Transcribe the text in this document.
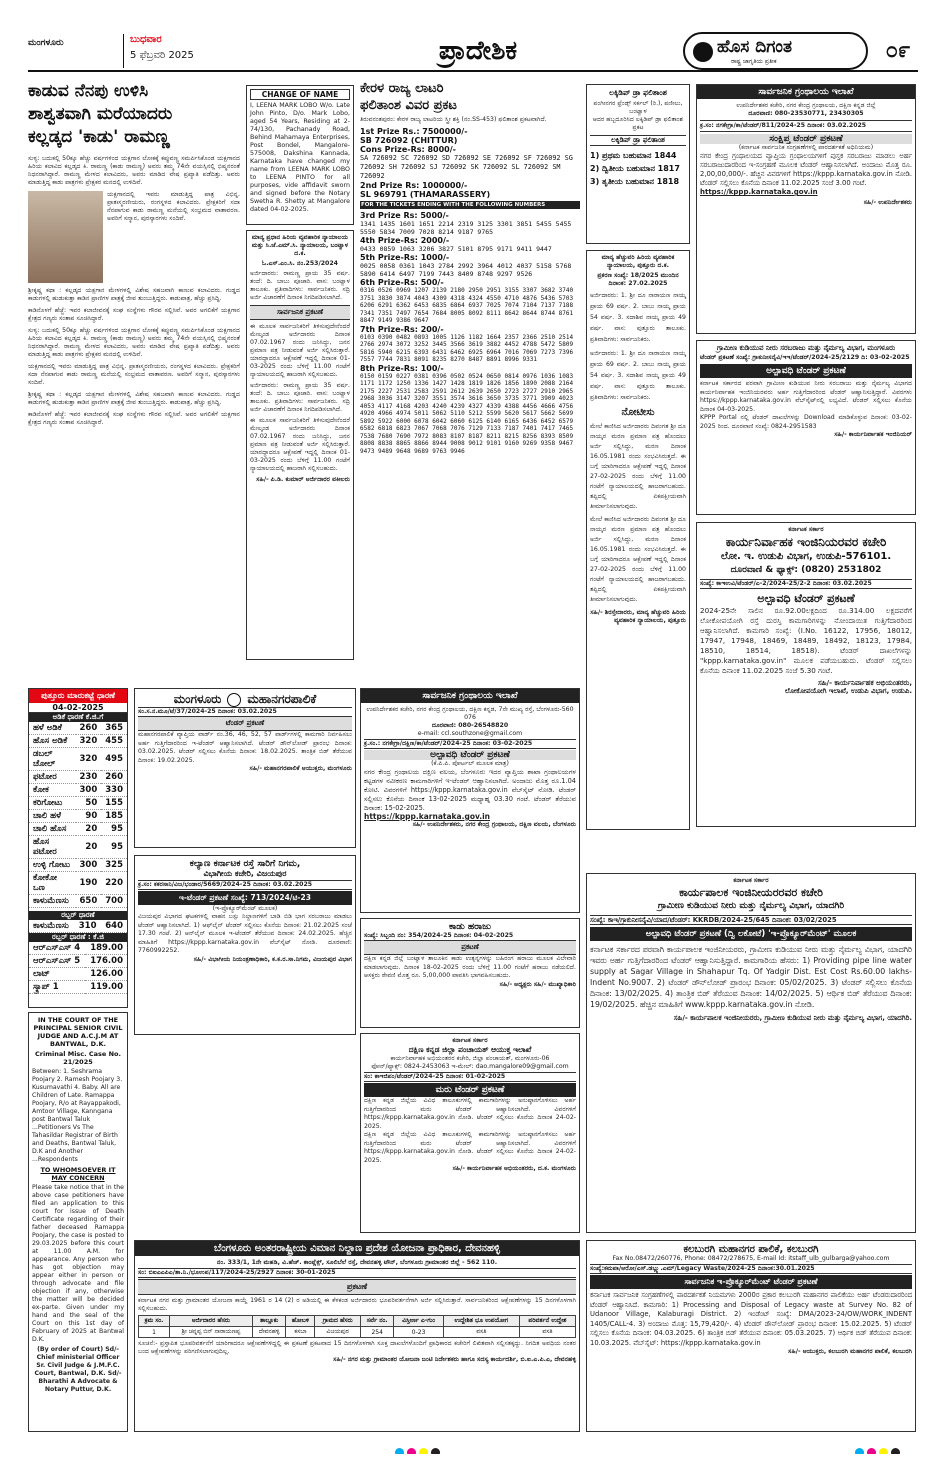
ಮಂಗಳೂರು	ಬುಧವಾರ
5 ಫೆಬ್ರವರಿ 2025	ಪ್ರಾದೇಶಿಕ	ಹೊಸ ದಿಗಂತ
ರಾಷ್ಟ್ರ ಜಾಗೃತಿಯ ಪ್ರತೀಕ	೦೯
ಕಾಡುವ ನೆನಪು ಉಳಿಸಿ
ಶಾಶ್ವತವಾಗಿ ಮರೆಯಾದರು
ಕಲ್ಲಡ್ಕದ 'ಕಾಡು' ರಾಮಣ್ಣ
ಸುಳ್ಯ: ಬದುಕಲ್ಲಿ 50ಕ್ಕೂ ಹೆಚ್ಚು ವರ್ಷಗಳಿಂದ ಯಕ್ಷಗಾನ ಲೋಕಕ್ಕೆ ಕಪ್ಪುವಣ್ಣ ಸಮರ್ಪಿಸಿಕೊಂಡ ಯಕ್ಷಗಾನದ ಹಿರಿಯ ಕಲಾವಿದ ಕಲ್ಲಡ್ಕದ ಕಿ. ರಾಮಣ್ಣ (ಕಾಡು ರಾಮಣ್ಣ) ಅವರು ತಮ್ಮ 74ನೇ ವಯಸ್ಸಿನಲ್ಲಿ ಭಿಷ್ಮನರಂತೆ ನಿಧನರಾಗಿದ್ದಾರೆ. ರಾಮಣ್ಣ ಮೇಳದ ಕಲಾವಿದರು, ಅವರು ಮಾಡಿದ ವೇಷ ಪ್ರಖ್ಯಾತಿ ಪಡೆದಿತ್ತು. ಅವರು ಮಾಡುತ್ತಿದ್ದ ಕಾಡು ಪಾತ್ರಗಳು ಪ್ರೇಕ್ಷಕರ ಮನದಲ್ಲಿ ಉಳಿದಿವೆ.
ಯಕ್ಷಗಾನದಲ್ಲಿ ಇವರು ಮಾಡುತ್ತಿದ್ದ ಪಾತ್ರ ವಿಭಿನ್ನ. ಪ್ರಾತಃಸ್ಮರಣೀಯರು, ರಂಗಸ್ಥಳದ ಕಲಾವಿದರು. ಪ್ರೇಕ್ಷಕರಿಗೆ ಸದಾ ನೆನಪಾಗುವ ಕಾಡು ರಾಮಣ್ಣ ಮನೆಯಲ್ಲಿ ಸಂಭ್ರಮದ ವಾತಾವರಣ. ಅವರಿಗೆ ಸನ್ಮಾನ, ಪುರಸ್ಕಾರಗಳು ಸಂದಿವೆ.
ಶ್ರೀಕೃಷ್ಣ ಕಥಾ : ಕಲ್ಲಡ್ಕದ ಯಕ್ಷಗಾನ ಮೇಳಗಳಲ್ಲಿ ವಿಶೇಷ ಸಹಜವಾಗಿ ಕಾಣುವ ಕಲಾವಿದರು. ಗುಡ್ಡದ ಕಾಡುಗಳಲ್ಲಿ ಹುಡುಕುತ್ತಾ ಕಾಡಿನ ಪ್ರಾಣಿಗಳ ಪಾತ್ರಕ್ಕೆ ಜೀವ ತುಂಬುತ್ತಿದ್ದರು. ಕಾಡುಪಾತ್ರ, ಹೆಚ್ಚು ಪ್ರಸಿದ್ಧಿ.
ಕಾಡಿನೊಳಗೆ ಹೆಜ್ಜೆ: ಇವರ ಕಲಾಜೀವನಕ್ಕೆ ಸಂಘ ಸಂಸ್ಥೆಗಳು ಗೌರವ ಸಲ್ಲಿಸಿವೆ. ಅವರ ಅಗಲಿಕೆಗೆ ಯಕ್ಷಗಾನ ಕ್ಷೇತ್ರದ ಗಣ್ಯರು ಸಂತಾಪ ಸೂಚಿಸಿದ್ದಾರೆ.
ಸುಳ್ಯ: ಬದುಕಲ್ಲಿ 50ಕ್ಕೂ ಹೆಚ್ಚು ವರ್ಷಗಳಿಂದ ಯಕ್ಷಗಾನ ಲೋಕಕ್ಕೆ ಕಪ್ಪುವಣ್ಣ ಸಮರ್ಪಿಸಿಕೊಂಡ ಯಕ್ಷಗಾನದ ಹಿರಿಯ ಕಲಾವಿದ ಕಲ್ಲಡ್ಕದ ಕಿ. ರಾಮಣ್ಣ (ಕಾಡು ರಾಮಣ್ಣ) ಅವರು ತಮ್ಮ 74ನೇ ವಯಸ್ಸಿನಲ್ಲಿ ಭಿಷ್ಮನರಂತೆ ನಿಧನರಾಗಿದ್ದಾರೆ. ರಾಮಣ್ಣ ಮೇಳದ ಕಲಾವಿದರು, ಅವರು ಮಾಡಿದ ವೇಷ ಪ್ರಖ್ಯಾತಿ ಪಡೆದಿತ್ತು. ಅವರು ಮಾಡುತ್ತಿದ್ದ ಕಾಡು ಪಾತ್ರಗಳು ಪ್ರೇಕ್ಷಕರ ಮನದಲ್ಲಿ ಉಳಿದಿವೆ.
ಯಕ್ಷಗಾನದಲ್ಲಿ ಇವರು ಮಾಡುತ್ತಿದ್ದ ಪಾತ್ರ ವಿಭಿನ್ನ. ಪ್ರಾತಃಸ್ಮರಣೀಯರು, ರಂಗಸ್ಥಳದ ಕಲಾವಿದರು. ಪ್ರೇಕ್ಷಕರಿಗೆ ಸದಾ ನೆನಪಾಗುವ ಕಾಡು ರಾಮಣ್ಣ ಮನೆಯಲ್ಲಿ ಸಂಭ್ರಮದ ವಾತಾವರಣ. ಅವರಿಗೆ ಸನ್ಮಾನ, ಪುರಸ್ಕಾರಗಳು ಸಂದಿವೆ.
ಶ್ರೀಕೃಷ್ಣ ಕಥಾ : ಕಲ್ಲಡ್ಕದ ಯಕ್ಷಗಾನ ಮೇಳಗಳಲ್ಲಿ ವಿಶೇಷ ಸಹಜವಾಗಿ ಕಾಣುವ ಕಲಾವಿದರು. ಗುಡ್ಡದ ಕಾಡುಗಳಲ್ಲಿ ಹುಡುಕುತ್ತಾ ಕಾಡಿನ ಪ್ರಾಣಿಗಳ ಪಾತ್ರಕ್ಕೆ ಜೀವ ತುಂಬುತ್ತಿದ್ದರು. ಕಾಡುಪಾತ್ರ, ಹೆಚ್ಚು ಪ್ರಸಿದ್ಧಿ.
ಕಾಡಿನೊಳಗೆ ಹೆಜ್ಜೆ: ಇವರ ಕಲಾಜೀವನಕ್ಕೆ ಸಂಘ ಸಂಸ್ಥೆಗಳು ಗೌರವ ಸಲ್ಲಿಸಿವೆ. ಅವರ ಅಗಲಿಕೆಗೆ ಯಕ್ಷಗಾನ ಕ್ಷೇತ್ರದ ಗಣ್ಯರು ಸಂತಾಪ ಸೂಚಿಸಿದ್ದಾರೆ.
CHANGE OF NAME
I, LEENA MARK LOBO W/o. Late John Pinto, D/o. Mark Lobo, aged 54 Years, Residing at 2-74/130, Pachanady Road, Behind Mahamaya Enterprises, Post Bondel, Mangalore-575008, Dakshina Kannada, Karnataka have changed my name from LEENA MARK LOBO to LEENA PINTO for all purposes, vide affidavit sworn and signed before the Notary Swetha R. Shetty at Mangalore dated 04-02-2025.
ಮಾನ್ಯ ಪ್ರಧಾನ ಹಿರಿಯ ವ್ಯವಹಾರಿಕ ನ್ಯಾಯಾಲಯ ಮತ್ತು ಸಿ.ಜೆ.ಎಮ್.ಸಿ. ನ್ಯಾಯಾಲಯ, ಬಂಟ್ವಾಳ ದ.ಕ.
ಓ.ಎಸ್.ಎಂ.ಸಿ. ನಂ.253/2024
ಅರ್ಜಿದಾರರು: ರಾಮಣ್ಣ ಪ್ರಾಯ 35 ವರ್ಷ. ತಂದೆ: ದಿ. ಬಾಬು ಪೂಜಾರಿ. ವಾಸ: ಬಂಟ್ವಾಳ ತಾಲೂಕು. ಪ್ರತಿವಾದಿಗಳು: ಸಾರ್ವಜನಿಕರು. ಸದ್ರಿ ಅರ್ಜಿ ವಿಚಾರಣೆಗೆ ದಿನಾಂಕ ನಿಗದಿಪಡಿಸಲಾಗಿದೆ.
ಸಾರ್ವಜನಿಕ ಪ್ರಕಟಣೆ
ಈ ಮೂಲಕ ಸಾರ್ವಜನಿಕರಿಗೆ ತಿಳಿಸುವುದೇನೆಂದರೆ ಮೇಲ್ಕಂಡ ಅರ್ಜಿದಾರರು ದಿನಾಂಕ 07.02.1967 ರಂದು ಜನಿಸಿದ್ದು, ಜನನ ಪ್ರಮಾಣ ಪತ್ರ ನೀಡುವಂತೆ ಅರ್ಜಿ ಸಲ್ಲಿಸಿರುತ್ತಾರೆ. ಯಾರದ್ದಾದರೂ ಆಕ್ಷೇಪಣೆ ಇದ್ದಲ್ಲಿ ದಿನಾಂಕ 01-03-2025 ರಂದು ಬೆಳಿಗ್ಗೆ 11.00 ಗಂಟೆಗೆ ನ್ಯಾಯಾಲಯದಲ್ಲಿ ಹಾಜರಾಗಿ ಸಲ್ಲಿಸಬಹುದು.
ಅರ್ಜಿದಾರರು: ರಾಮಣ್ಣ ಪ್ರಾಯ 35 ವರ್ಷ. ತಂದೆ: ದಿ. ಬಾಬು ಪೂಜಾರಿ. ವಾಸ: ಬಂಟ್ವಾಳ ತಾಲೂಕು. ಪ್ರತಿವಾದಿಗಳು: ಸಾರ್ವಜನಿಕರು. ಸದ್ರಿ ಅರ್ಜಿ ವಿಚಾರಣೆಗೆ ದಿನಾಂಕ ನಿಗದಿಪಡಿಸಲಾಗಿದೆ.
ಈ ಮೂಲಕ ಸಾರ್ವಜನಿಕರಿಗೆ ತಿಳಿಸುವುದೇನೆಂದರೆ ಮೇಲ್ಕಂಡ ಅರ್ಜಿದಾರರು ದಿನಾಂಕ 07.02.1967 ರಂದು ಜನಿಸಿದ್ದು, ಜನನ ಪ್ರಮಾಣ ಪತ್ರ ನೀಡುವಂತೆ ಅರ್ಜಿ ಸಲ್ಲಿಸಿರುತ್ತಾರೆ. ಯಾರದ್ದಾದರೂ ಆಕ್ಷೇಪಣೆ ಇದ್ದಲ್ಲಿ ದಿನಾಂಕ 01-03-2025 ರಂದು ಬೆಳಿಗ್ಗೆ 11.00 ಗಂಟೆಗೆ ನ್ಯಾಯಾಲಯದಲ್ಲಿ ಹಾಜರಾಗಿ ಸಲ್ಲಿಸಬಹುದು.
ಸಹಿ/- ಪಿ.ಡಿ. ಕುಮಾರ್ ಅರ್ಜಿದಾರರ ವಕೀಲರು
ಕೇರಳ ರಾಜ್ಯ ಲಾಟರಿ
ಫಲಿತಾಂಶ ವಿವರ ಪ್ರಕಟ
ತಿರುವನಂತಪುರಂ: ಕೇರಳ ರಾಜ್ಯ ಲಾಟರಿಯ ಸ್ತ್ರೀ ಶಕ್ತಿ (ನಂ.SS-453) ಫಲಿತಾಂಶ ಪ್ರಕಟವಾಗಿದೆ.
1st Prize Rs.: 7500000/-
SB 726092 (CHITTUR)
Cons Prize-Rs: 8000/-
SA 726092 SC 726092 SD 726092 SE 726092 SF 726092 SG 726092 SH 726092 SJ 726092 SK 726092 SL 726092 SM 726092
2nd Prize Rs: 1000000/-
SL 969791 (THAMARASSERY)
FOR THE TICKETS ENDING WITH THE FOLLOWING NUMBERS
3rd Prize Rs: 5000/-
1341 1435 1601 1651 2214 2319 3125 3301 3851 5455 5455 5550 5834 7009 7028 8214 9187 9765
4th Prize-Rs: 2000/-
0433 0859 1063 3206 3827 5101 8795 9171 9411 9447
5th Prize-Rs: 1000/-
0025 0058 0361 1043 2784 2992 3964 4012 4037 5158 5768 5890 6414 6497 7199 7443 8409 8748 9297 9526
6th Prize-Rs: 500/-
0316 0526 0969 1207 2139 2180 2950 2951 3155 3307 3682 3740 3751 3830 3874 4043 4309 4318 4324 4550 4710 4876 5436 5703 6206 6291 6362 6453 6835 6864 6937 7025 7074 7104 7137 7188 7341 7351 7497 7654 7684 8005 8092 8111 8642 8644 8744 8761 8847 9149 9386 9647
7th Prize-Rs: 200/-
0103 0390 0482 0893 1005 1126 1182 1664 2357 2366 2510 2514 2766 2974 3072 3252 3445 3566 3619 3882 4452 4788 5472 5809 5816 5940 6215 6393 6431 6462 6925 6964 7016 7069 7273 7396 7557 7744 7831 8091 8235 8270 8487 8891 8996 9331
8th Prize-Rs: 100/-
0150 0159 0227 0381 0396 0502 0524 0650 0814 0976 1036 1083 1171 1172 1250 1336 1427 1428 1819 1826 1856 1890 2088 2164 2175 2227 2531 2583 2591 2612 2639 2650 2723 2727 2910 2965 2968 3036 3147 3207 3551 3574 3616 3650 3735 3771 3909 4023 4053 4117 4168 4203 4240 4239 4327 4339 4388 4456 4666 4756 4920 4966 4974 5011 5062 5110 5212 5599 5620 5617 5662 5699 5892 5922 6000 6078 6042 6060 6125 6140 6165 6436 6452 6579 6582 6818 6823 7067 7068 7076 7129 7133 7187 7401 7417 7465 7538 7680 7690 7972 8083 8107 8187 8211 8215 8256 8393 8509 8808 8838 8865 8866 8944 9008 9012 9101 9160 9269 9358 9467 9473 9489 9648 9689 9763 9946
ಲಕ್ಕಿಡಿಪ್ ಡ್ರಾ ಫಲಿತಾಂಶ
ಪಂಗೀನಗರ ಫ್ರೆಂಡ್ಸ್ ಸರ್ಕಲ್ (ರಿ.), ಪಣೀಲು, ಬಂಟ್ವಾಳ
ಆದರ ಹಬ್ಬದೂರಿಸಿದ ಲಕ್ಕಿಡಿಪ್ ಡ್ರಾ ಫಲಿತಾಂಶ ಪ್ರಕಟ
ಲಕ್ಕಿಡಿಪ್ ಡ್ರಾ ಫಲಿತಾಂಶ
1) ಪ್ರಥಮ ಬಹುಮಾನ 1844
2) ದ್ವಿತೀಯ ಬಹುಮಾನ 1817
3) ತೃತೀಯ ಬಹುಮಾನ 1818
ಮಾನ್ಯ ಹೆಚ್ಚುವರಿ ಹಿರಿಯ ವ್ಯವಹಾರಿಕ ನ್ಯಾಯಾಲಯ, ಪುತ್ತೂರು ದ.ಕ.
ಪ್ರಕರಣ ಸಂಖ್ಯೆ: 18/2025 ಮುಂದಿನ ದಿನಾಂಕ: 27.02.2025
ಅರ್ಜಿದಾರರು: 1. ಶ್ರೀ ದೂ ನಾರಾಯಣ ನಾಯ್ಕ ಪ್ರಾಯ 69 ವರ್ಷ. 2. ಬಾಬು ನಾಯ್ಕ ಪ್ರಾಯ 54 ವರ್ಷ. 3. ಸದಾಶಿವ ನಾಯ್ಕ ಪ್ರಾಯ 49 ವರ್ಷ. ವಾಸ: ಪುತ್ತೂರು ತಾಲೂಕು. ಪ್ರತಿವಾದಿಗಳು: ಸಾರ್ವಜನಿಕರು.
ಅರ್ಜಿದಾರರು: 1. ಶ್ರೀ ದೂ ನಾರಾಯಣ ನಾಯ್ಕ ಪ್ರಾಯ 69 ವರ್ಷ. 2. ಬಾಬು ನಾಯ್ಕ ಪ್ರಾಯ 54 ವರ್ಷ. 3. ಸದಾಶಿವ ನಾಯ್ಕ ಪ್ರಾಯ 49 ವರ್ಷ. ವಾಸ: ಪುತ್ತೂರು ತಾಲೂಕು. ಪ್ರತಿವಾದಿಗಳು: ಸಾರ್ವಜನಿಕರು.
ನೋಟೀಸು
ಮೇಲೆ ಕಾಣಿಸಿದ ಅರ್ಜಿದಾರರು ದಿವಂಗತ ಶ್ರೀ ದೂ ನಾಯ್ಕರ ಮರಣ ಪ್ರಮಾಣ ಪತ್ರ ಹೊಂದಲು ಅರ್ಜಿ ಸಲ್ಲಿಸಿದ್ದು, ಮರಣ ದಿನಾಂಕ 16.05.1981 ರಂದು ಸಂಭವಿಸಿರುತ್ತದೆ. ಈ ಬಗ್ಗೆ ಯಾರಿಗಾದರೂ ಆಕ್ಷೇಪಣೆ ಇದ್ದಲ್ಲಿ ದಿನಾಂಕ 27-02-2025 ರಂದು ಬೆಳಿಗ್ಗೆ 11.00 ಗಂಟೆಗೆ ನ್ಯಾಯಾಲಯದಲ್ಲಿ ಹಾಜರಾಗಬಹುದು. ತಪ್ಪಿದಲ್ಲಿ ಏಕಪಕ್ಷೀಯವಾಗಿ ತೀರ್ಮಾನಿಸಲಾಗುವುದು.
ಮೇಲೆ ಕಾಣಿಸಿದ ಅರ್ಜಿದಾರರು ದಿವಂಗತ ಶ್ರೀ ದೂ ನಾಯ್ಕರ ಮರಣ ಪ್ರಮಾಣ ಪತ್ರ ಹೊಂದಲು ಅರ್ಜಿ ಸಲ್ಲಿಸಿದ್ದು, ಮರಣ ದಿನಾಂಕ 16.05.1981 ರಂದು ಸಂಭವಿಸಿರುತ್ತದೆ. ಈ ಬಗ್ಗೆ ಯಾರಿಗಾದರೂ ಆಕ್ಷೇಪಣೆ ಇದ್ದಲ್ಲಿ ದಿನಾಂಕ 27-02-2025 ರಂದು ಬೆಳಿಗ್ಗೆ 11.00 ಗಂಟೆಗೆ ನ್ಯಾಯಾಲಯದಲ್ಲಿ ಹಾಜರಾಗಬಹುದು. ತಪ್ಪಿದಲ್ಲಿ ಏಕಪಕ್ಷೀಯವಾಗಿ ತೀರ್ಮಾನಿಸಲಾಗುವುದು.
ಸಹಿ/- ಶಿರಸ್ತೇದಾರರು, ಮಾನ್ಯ ಹೆಚ್ಚುವರಿ ಹಿರಿಯ ವ್ಯವಹಾರಿಕ ನ್ಯಾಯಾಲಯ, ಪುತ್ತೂರು
ಸಾರ್ವಜನಿಕ ಗ್ರಂಥಾಲಯ ಇಲಾಖೆ
ಉಪನಿರ್ದೇಶಕರ ಕಚೇರಿ, ನಗರ ಕೇಂದ್ರ ಗ್ರಂಥಾಲಯ, ದಕ್ಷಿಣ ಕನ್ನಡ ಜಿಲ್ಲೆ
ದೂರವಾಣಿ: 080-23530771, 23430305
ಕ್ರ.ಸಂ: ನಗಕೇಗ್ರಾ/ಕಾ/ಟೆಂಡರ್/811/2024-25 ದಿನಾಂಕ: 03.02.2025
ಸಂಕ್ಷಿಪ್ತ ಟೆಂಡರ್ ಪ್ರಕಟಣೆ
(ಕರ್ನಾಟಕ ಸಾರ್ವಜನಿಕ ಸಂಗ್ರಹಣೆಗಳಲ್ಲಿ ಪಾರದರ್ಶಕತೆ ಅಧಿನಿಯಮ)
ನಗರ ಕೇಂದ್ರ ಗ್ರಂಥಾಲಯದ ವ್ಯಾಪ್ತಿಯ ಗ್ರಂಥಾಲಯಗಳಿಗೆ ಪುಸ್ತಕ ಸರಬರಾಜು ಮಾಡಲು ಅರ್ಹ ಸರಬರಾಜುದಾರರಿಂದ ಇ-ಸಂಗ್ರಹಣೆ ಮೂಲಕ ಟೆಂಡರ್ ಆಹ್ವಾನಿಸಲಾಗಿದೆ. ಅಂದಾಜು ಮೊತ್ತ ರೂ. 2,00,00,000/-. ಹೆಚ್ಚಿನ ವಿವರಗಳಿಗೆ https://kppp.karnataka.gov.in ನೋಡಿ. ಟೆಂಡರ್ ಸಲ್ಲಿಸಲು ಕೊನೆಯ ದಿನಾಂಕ 11.02.2025 ಸಂಜೆ 3.00 ಗಂಟೆ.
https://kppp.karnataka.gov.in
ಸಹಿ/- ಉಪನಿರ್ದೇಶಕರು
ಗ್ರಾಮೀಣ ಕುಡಿಯುವ ನೀರು ಸರಬರಾಜು ಮತ್ತು ನೈರ್ಮಲ್ಯ ವಿಭಾಗ, ಮಂಗಳೂರು
ಟೆಂಡರ್ ಪ್ರಕಟಣೆ ಸಂಖ್ಯೆ: ಗ್ರಾಕುನೀಸನೈವಿ/ಇಇ/ಟೆಂಡರ್/2024-25/2129 ದಿ: 03-02-2025
ಅಲ್ಪಾವಧಿ ಟೆಂಡರ್ ಪ್ರಕಟಣೆ
ಕರ್ನಾಟಕ ಸರ್ಕಾರದ ಪರವಾಗಿ ಗ್ರಾಮೀಣ ಕುಡಿಯುವ ನೀರು ಸರಬರಾಜು ಮತ್ತು ನೈರ್ಮಲ್ಯ ವಿಭಾಗದ ಕಾರ್ಯನಿರ್ವಾಹಕ ಇಂಜಿನಿಯರವರು ಅರ್ಹ ಗುತ್ತಿಗೆದಾರರಿಂದ ಟೆಂಡರ್ ಆಹ್ವಾನಿಸುತ್ತಿದ್ದಾರೆ. ವಿವರಗಳು https://kppp.karnataka.gov.in ವೆಬ್‌ಸೈಟ್‌ನಲ್ಲಿ ಲಭ್ಯವಿದೆ. ಟೆಂಡರ್ ಸಲ್ಲಿಸಲು ಕೊನೆಯ ದಿನಾಂಕ 04-03-2025.
KPPP Portal ನಲ್ಲಿ ಟೆಂಡರ್ ದಾಖಲೆಗಳನ್ನು Download ಮಾಡಿಕೊಳ್ಳುವ ದಿನಾಂಕ: 03-02-2025 ರಿಂದ. ದೂರವಾಣಿ ಸಂಖ್ಯೆ: 0824-2951583
ಸಹಿ/- ಕಾರ್ಯನಿರ್ವಾಹಕ ಇಂಜಿನಿಯರ್
ಕರ್ನಾಟಕ ಸರ್ಕಾರ
ಕಾರ್ಯನಿರ್ವಾಹಕ ಇಂಜಿನಿಯರವರ ಕಚೇರಿ
ಲೋ. ಇ. ಉಡುಪಿ ವಿಭಾಗ, ಉಡುಪಿ-576101.
ದೂರವಾಣಿ & ಫ್ಯಾಕ್ಸ್: (0820) 2531802
ಸಂಖ್ಯೆ: ಕಾಇಉವಿ/ಟೆಂಡರ್/ಎ-2/2024-25/2-2 ದಿನಾಂಕ: 03.02.2025
ಅಲ್ಪಾವಧಿ ಟೆಂಡರ್ ಪ್ರಕಟಣೆ
2024-25ನೇ ಸಾಲಿನ ರೂ.92.00ಲಕ್ಷದಿಂದ ರೂ.314.00 ಲಕ್ಷದವರೆಗೆ ಲೋಕೋಪಯೋಗಿ ರಸ್ತೆ ದುರಸ್ತಿ ಕಾಮಗಾರಿಗಳನ್ನು ನೋಂದಾಯಿತ ಗುತ್ತಿಗೆದಾರರಿಂದ ಆಹ್ವಾನಿಸಲಾಗಿದೆ. ಕಾಮಗಾರಿ ಸಂಖ್ಯೆ: (I.No. 16122, 17956, 18012, 17947, 17948, 18469, 18489, 18492, 18123, 17984, 18510, 18514, 18518). ಟೆಂಡರ್ ದಾಖಲೆಗಳನ್ನು "kppp.karnataka.gov.in" ಮೂಲಕ ಪಡೆಯಬಹುದು. ಟೆಂಡರ್ ಸಲ್ಲಿಸಲು ಕೊನೆಯ ದಿನಾಂಕ 11.02.2025 ಸಂಜೆ 5.30 ಗಂಟೆ.
ಸಹಿ/- ಕಾರ್ಯನಿರ್ವಾಹಕ ಅಭಿಯಂತರರು,
ಲೋಕೋಪಯೋಗಿ ಇಲಾಖೆ, ಉಡುಪಿ ವಿಭಾಗ, ಉಡುಪಿ.
ಪುತ್ತೂರು ಮಾರುಕಟ್ಟೆ ಧಾರಣೆ
04-02-2025
ಅಡಿಕೆ ಧಾರಣೆ ಕೆ.ಜಿ.ಗೆ
ಹಳೆ ಅಡಿಕೆ	260	365
ಹೊಸ ಅಡಿಕೆ	320	455
ಡಬಲ್ ಚೋಲ್	320	495
ಫಟೋರ	230	260
ಕೋಕ	300	330
ಕರಿಗೋಟು	50	155
ಚಾಲಿ ಹಳೆ	90	185
ಚಾಲಿ ಹೊಸ	20	95
ಹೊಸ ಪಟೋರ	20	95
ಉಳ್ಳಿ ಗೋಟು	300	325
ಕೋಕೋ ಒಣ	190	220
ಕಾಳುಮೆಣಸು	650	700
ರಬ್ಬರ್ ಧಾರಣೆ
ಕಾಳುಮೆಣಸು	310	640
ರಬ್ಬರ್ ಧಾರಣೆ : ಕೆ.ಜಿ
ಆರ್‌ಎಸ್‌ಎಸ್ 4	189.00
ಆರ್‌ಎಸ್‌ಎಸ್ 5	176.00
ಲಾಟ್	126.00
ಸ್ಕ್ರಾಪ್ 1	119.00
ಮಂಗಳೂರು ಮಹಾನಗರಪಾಲಿಕೆ
ಸಂ.ಸ.ನ.ಮೂ/ಟೆ/37/2024-25 ದಿನಾಂಕ: 03.02.2025
ಟೆಂಡರ್ ಪ್ರಕಟಣೆ
ಮಹಾನಗರಪಾಲಿಕೆ ವ್ಯಾಪ್ತಿಯ ವಾರ್ಡ್ ನಂ.36, 46, 52, 57 ವಾರ್ಡ್‌ಗಳಲ್ಲಿ ಕಾಮಗಾರಿ ನಿರ್ವಹಿಸಲು ಅರ್ಹ ಗುತ್ತಿಗೆದಾರರಿಂದ ಇ-ಟೆಂಡರ್ ಆಹ್ವಾನಿಸಲಾಗಿದೆ. ಟೆಂಡರ್ ಡೌನ್‌ಲೋಡ್ ಪ್ರಾರಂಭ ದಿನಾಂಕ: 03.02.2025. ಟೆಂಡರ್ ಸಲ್ಲಿಸಲು ಕೊನೆಯ ದಿನಾಂಕ: 18.02.2025. ತಾಂತ್ರಿಕ ಬಿಡ್ ತೆರೆಯುವ ದಿನಾಂಕ: 19.02.2025.
ಸಹಿ/- ಮಹಾನಗರಪಾಲಿಕೆ ಆಯುಕ್ತರು, ಮಂಗಳೂರು
ಕಲ್ಯಾಣ ಕರ್ನಾಟಕ ರಸ್ತೆ ಸಾರಿಗೆ ನಿಗಮ,
ವಿಭಾಗೀಯ ಕಚೇರಿ, ವಿಜಯಪುರ
ಕ್ರ.ಸಂ: ಕಕರಸಾನಿ/ವಿಜ/ಭಂಡಾರ/5669/2024-25 ದಿನಾಂಕ: 03.02.2025
ಇ-ಟೆಂಡರ್ ಪ್ರಕಟಣೆ ಸಂಖ್ಯೆ: 713/2024/ಟಿ-23
(ಇ-ಪ್ರೊಕ್ಯೂರ್‌ಮೆಂಟ್ ಮೂಲಕ)
ವಿಜಯಪುರ ವಿಭಾಗದ ಘಟಕಗಳಲ್ಲಿ ವಾಹನ ಬಸ್ಸು ನಿಲ್ದಾಣಗಳಿಗೆ ಬಾಡಿ ಬಿಡಿ ಭಾಗ ಸರಬರಾಜು ಮಾಡಲು ಟೆಂಡರ್ ಆಹ್ವಾನಿಸಲಾಗಿದೆ. 1) ಆಫ್‌ಲೈನ್ ಟೆಂಡರ್ ಸಲ್ಲಿಸಲು ಕೊನೆಯ ದಿನಾಂಕ: 21.02.2025 ಸಂಜೆ 17.30 ಗಂಟೆ. 2) ಆನ್‌ಲೈನ್ ಮೂಲಕ ಇ-ಟೆಂಡರ್ ತೆರೆಯುವ ದಿನಾಂಕ: 24.02.2025. ಹೆಚ್ಚಿನ ಮಾಹಿತಿಗೆ https://kppp.karnataka.gov.in ವೆಬ್‌ಸೈಟ್ ನೋಡಿ. ದೂರವಾಣಿ: 7760992252.
ಸಹಿ/- ವಿಭಾಗೀಯ ನಿಯಂತ್ರಣಾಧಿಕಾರಿ, ಕ.ಕ.ರ.ಸಾ.ನಿಗಮ, ವಿಜಯಪುರ ವಿಭಾಗ
IN THE COURT OF THE PRINCIPAL SENIOR CIVIL JUDGE AND A.C.J.M AT BANTWAL, D.K.
Criminal Misc. Case No. 21/2025
Between: 1. Seshrama Poojary 2. Ramesh Poojary 3. Kusumavathi 4. Baby. All are Children of Late. Ramappa Poojary, R/o at Rayappakodi, Amtoor Village, Kanngana post Bantwal Taluk ...Petitioners Vs The Tahasildar Registrar of Birth and Deaths, Bantwal Taluk, D.K and Another ...Respondents
TO WHOMSOEVER IT MAY CONCERN
Please take notice that in the above case petitioners have filed an application to this court for issue of Death Certificate regarding of their father deceased Ramappa Poojary, the case is posted to 29.03.2025 before this court at 11.00 A.M. for appearance. Any person who has got objection may appear either in person or through advocate and file objection if any, otherwise the matter will be decided ex-parte. Given under my hand and the seal of the Court on this 1st day of February of 2025 at Bantwal D.K.
(By order of Court) Sd/- Chief ministerial Officer Sr. Civil Judge & J.M.F.C. Court, Bantwal, D.K. Sd/- Bharathi A Advocate & Notary Puttur, D.K.
ಸಾರ್ವಜನಿಕ ಗ್ರಂಥಾಲಯ ಇಲಾಖೆ
ಉಪನಿರ್ದೇಶಕರ ಕಚೇರಿ, ನಗರ ಕೇಂದ್ರ ಗ್ರಂಥಾಲಯ, ದಕ್ಷಿಣ ಕನ್ನಡ, 7ನೇ ಮುಖ್ಯ ರಸ್ತೆ, ಬೆಂಗಳೂರು-560 076
ದೂರವಾಣಿ: 080-26548820
e-mail: ccl.southzone@gmail.com
ಕ್ರ.ಸಂ.: ನಗಕೇಗ್ರಾ/ದಕ್ಷಿಣ/ಕಾ/ಟೆಂಡರ್/2024-25 ದಿನಾಂಕ: 03-02-2025
ಅಲ್ಪಾವಧಿ ಟೆಂಡರ್ ಪ್ರಕಟಣೆ
(ಕೆ.ಪಿ.ಪಿ. ಪೋರ್ಟಲ್ ಮೂಲಕ ಮಾತ್ರ)
ನಗರ ಕೇಂದ್ರ ಗ್ರಂಥಾಲಯ ದಕ್ಷಿಣ ವಲಯ, ಬೆಂಗಳೂರು ಇದರ ವ್ಯಾಪ್ತಿಯ ಶಾಖಾ ಗ್ರಂಥಾಲಯಗಳ ಕಟ್ಟಡಗಳ ನವೀಕರಣ ಕಾಮಗಾರಿಗಳಿಗೆ ಇ-ಟೆಂಡರ್ ಆಹ್ವಾನಿಸಲಾಗಿದೆ. ಅಂದಾಜು ಮೊತ್ತ ರೂ.1.04 ಕೋಟಿ. ವಿವರಗಳಿಗೆ https://kppp.karnataka.gov.in ವೆಬ್‌ಸೈಟ್ ನೋಡಿ. ಟೆಂಡರ್ ಸಲ್ಲಿಸಲು ಕೊನೆಯ ದಿನಾಂಕ 13-02-2025 ಮಧ್ಯಾಹ್ನ 03.30 ಗಂಟೆ. ಟೆಂಡರ್ ತೆರೆಯುವ ದಿನಾಂಕ: 15-02-2025.
https://kppp.karnataka.gov.in
ಸಹಿ/- ಉಪನಿರ್ದೇಶಕರು, ನಗರ ಕೇಂದ್ರ ಗ್ರಂಥಾಲಯ, ದಕ್ಷಿಣ ವಲಯ, ಬೆಂಗಳೂರು
ಕಾಡು ಹರಾಜು
ಸಂಖ್ಯೆ: ಸಿಬ್ಬಂದಿ ನಂ: 354/2024-25 ದಿನಾಂಕ: 04-02-2025
ಪ್ರಕಟಣೆ
ದಕ್ಷಿಣ ಕನ್ನಡ ಜಿಲ್ಲೆ ಬಂಟ್ವಾಳ ತಾಲೂಕಿನ ಕಾಡು ಉತ್ಪನ್ನಗಳನ್ನು ಬಹಿರಂಗ ಹರಾಜು ಮೂಲಕ ವಿಲೇವಾರಿ ಮಾಡಲಾಗುವುದು. ದಿನಾಂಕ 18-02-2025 ರಂದು ಬೆಳಿಗ್ಗೆ 11.00 ಗಂಟೆಗೆ ಹರಾಜು ನಡೆಯಲಿದೆ. ಆಸಕ್ತರು ಠೇವಣಿ ಮೊತ್ತ ರೂ. 5,00,000 ಪಾವತಿಸಿ ಭಾಗವಹಿಸಬಹುದು.
ಸಹಿ/- ಅಧ್ಯಕ್ಷರು ಸಹಿ/- ಮುಖ್ಯಾಧಿಕಾರಿ
ಕರ್ನಾಟಕ ಸರ್ಕಾರ
ದಕ್ಷಿಣ ಕನ್ನಡ ಜಿಲ್ಲಾ ಪಂಚಾಯತ್ ಆಯುಕ್ತ ಇಲಾಖೆ
ಕಾರ್ಯನಿರ್ವಾಹಕ ಅಭಿಯಂತರರ ಕಚೇರಿ, ಜಿಲ್ಲಾ ಪಂಚಾಯತ್, ಮಂಗಳೂರು-06
ಫೋನ್/ಫ್ಯಾಕ್ಸ್: 0824-2453063 ಇ-ಮೇಲ್: dao.mangalore09@gmail.com
ಸಂ: ಕಾಇಜಿಪಂ/ಟೆಂಡರ್/2024-25 ದಿನಾಂಕ: 01-02-2025
ಮರು ಟೆಂಡರ್ ಪ್ರಕಟಣೆ
ದಕ್ಷಿಣ ಕನ್ನಡ ಜಿಲ್ಲೆಯ ವಿವಿಧ ತಾಲೂಕುಗಳಲ್ಲಿ ಕಾಮಗಾರಿಗಳನ್ನು ಅನುಷ್ಠಾನಗೊಳಿಸಲು ಅರ್ಹ ಗುತ್ತಿಗೆದಾರರಿಂದ ಮರು ಟೆಂಡರ್ ಆಹ್ವಾನಿಸಲಾಗಿದೆ. ವಿವರಗಳಿಗೆ https://kppp.karnataka.gov.in ನೋಡಿ. ಟೆಂಡರ್ ಸಲ್ಲಿಸಲು ಕೊನೆಯ ದಿನಾಂಕ 24-02-2025.
ದಕ್ಷಿಣ ಕನ್ನಡ ಜಿಲ್ಲೆಯ ವಿವಿಧ ತಾಲೂಕುಗಳಲ್ಲಿ ಕಾಮಗಾರಿಗಳನ್ನು ಅನುಷ್ಠಾನಗೊಳಿಸಲು ಅರ್ಹ ಗುತ್ತಿಗೆದಾರರಿಂದ ಮರು ಟೆಂಡರ್ ಆಹ್ವಾನಿಸಲಾಗಿದೆ. ವಿವರಗಳಿಗೆ https://kppp.karnataka.gov.in ನೋಡಿ. ಟೆಂಡರ್ ಸಲ್ಲಿಸಲು ಕೊನೆಯ ದಿನಾಂಕ 24-02-2025.
ಸಹಿ/- ಕಾರ್ಯನಿರ್ವಾಹಕ ಅಭಿಯಂತರರು, ದ.ಕ. ಮಂಗಳೂರು
ಕರ್ನಾಟಕ ಸರ್ಕಾರ
ಕಾರ್ಯಪಾಲಕ ಇಂಜಿನೀಯರರವರ ಕಚೇರಿ
ಗ್ರಾಮೀಣ ಕುಡಿಯುವ ನೀರು ಮತ್ತು ನೈರ್ಮಲ್ಯ ವಿಭಾಗ, ಯಾದಗಿರಿ
ಸಂಖ್ಯೆ: ಕಾಇ/ಗ್ರಾಕುನೀಸನೈವಿ/ಯಾದ/ಟೆಂಡರ್: KKRDB/2024-25/645 ದಿನಾಂಕ: 03/02/2025
ಅಲ್ಪಾವಧಿ ಟೆಂಡರ್ ಪ್ರಕಟಣೆ (ದ್ವಿ ಲಕೋಟೆ) 'ಇ-ಪ್ರೊಕ್ಯೂರ್‌ಮೆಂಟ್' ಮೂಲಕ
ಕರ್ನಾಟಕ ಸರ್ಕಾರದ ಪರವಾಗಿ ಕಾರ್ಯಪಾಲಕ ಇಂಜಿನೀಯರರು, ಗ್ರಾಮೀಣ ಕುಡಿಯುವ ನೀರು ಮತ್ತು ನೈರ್ಮಲ್ಯ ವಿಭಾಗ, ಯಾದಗಿರಿ ಇವರು ಅರ್ಹ ಗುತ್ತಿಗೆದಾರರಿಂದ ಟೆಂಡರ್ ಆಹ್ವಾನಿಸುತ್ತಿದ್ದಾರೆ. ಕಾಮಗಾರಿಯ ಹೆಸರು: 1) Providing pipe line water supply at Sagar Village in Shahapur Tq. Of Yadgir Dist. Est Cost Rs.60.00 lakhs- Indent No.9007. 2) ಟೆಂಡರ್ ಡೌನ್‌ಲೋಡ್ ಪ್ರಾರಂಭ ದಿನಾಂಕ: 05/02/2025. 3) ಟೆಂಡರ್ ಸಲ್ಲಿಸಲು ಕೊನೆಯ ದಿನಾಂಕ: 13/02/2025. 4) ತಾಂತ್ರಿಕ ಬಿಡ್ ತೆರೆಯುವ ದಿನಾಂಕ: 14/02/2025. 5) ಆರ್ಥಿಕ ಬಿಡ್ ತೆರೆಯುವ ದಿನಾಂಕ: 19/02/2025. ಹೆಚ್ಚಿನ ಮಾಹಿತಿಗೆ www.kppp.karnataka.gov.in ನೋಡಿ.
ಸಹಿ/- ಕಾರ್ಯಪಾಲಕ ಇಂಜಿನೀಯರರು, ಗ್ರಾಮೀಣ ಕುಡಿಯುವ ನೀರು ಮತ್ತು ನೈರ್ಮಲ್ಯ ವಿಭಾಗ, ಯಾದಗಿರಿ.
ಬೆಂಗಳೂರು ಅಂತರರಾಷ್ಟ್ರೀಯ ವಿಮಾನ ನಿಲ್ದಾಣ ಪ್ರದೇಶ ಯೋಜನಾ ಪ್ರಾಧಿಕಾರ, ದೇವನಹಳ್ಳಿ
ನಂ. 333/1, 1ನೇ ಮಹಡಿ, ವಿ.ಹೆಚ್. ಕಾಂಪ್ಲೆಕ್ಸ್, ಸೂಲಿಬೆಲೆ ರಸ್ತೆ, ದೇವನಹಳ್ಳಿ ಟೌನ್, ಬೆಂಗಳೂರು ಗ್ರಾಮಾಂತರ ಜಿಲ್ಲೆ - 562 110.
ಸಂ: ಬಿಐಎಎಪಿಎ/ತಾ.ನಿ./ಭೂಉಪ/117/2024-25/2927 ದಿನಾಂಕ: 30-01-2025
ಪ್ರಕಟಣೆ
ಕರ್ನಾಟಕ ನಗರ ಮತ್ತು ಗ್ರಾಮಾಂತರ ಯೋಜನಾ ಕಾಯ್ದೆ 1961 ರ 14 (2) ರ ಅಡಿಯಲ್ಲಿ ಈ ಕೆಳಕಂಡ ಅರ್ಜಿದಾರರು ಭೂಪರಿವರ್ತನೆಗಾಗಿ ಅರ್ಜಿ ಸಲ್ಲಿಸಿರುತ್ತಾರೆ. ಸಾರ್ವಜನಿಕರಿಂದ ಆಕ್ಷೇಪಣೆಗಳನ್ನು 15 ದಿನಗಳೊಳಗಾಗಿ ಸಲ್ಲಿಸಬಹುದು.
ಕ್ರಮ ಸಂ.	ಅರ್ಜಿದಾರರ ಹೆಸರು	ತಾಲ್ಲೂಕು	ಹೋಬಳಿ	ಗ್ರಾಮದ ಹೆಸರು	ಸರ್ವೆ ನಂ.	ವಿಸ್ತೀರ್ಣ ಎ-ಗುಂ	ಉದ್ದೇಶಿತ ಭೂ ಉಪಯೋಗ	ಪರಿವರ್ತನೆ ಉದ್ದೇಶ
1	ಶ್ರೀ ಚನ್ನಪ್ಪ ಬಿನ್ ನಾರಾಯಣಪ್ಪ	ದೇವನಹಳ್ಳಿ	ಕಸಬಾ	ವಿಜಯಪುರ	254	0-23	ವಸತಿ	ವಸತಿ
ಸೂಚನೆ:- ಪ್ರಸ್ತಾಪಿತ ಭೂಪರಿವರ್ತನೆಗೆ ಯಾರಿಗಾದರೂ ಆಕ್ಷೇಪಣೆಗಳಿದ್ದಲ್ಲಿ ಈ ಪ್ರಕಟಣೆ ಪ್ರಕಟವಾದ 15 ದಿನಗಳೊಳಗಾಗಿ ಸೂಕ್ತ ದಾಖಲೆಗಳೊಂದಿಗೆ ಪ್ರಾಧಿಕಾರದ ಕಚೇರಿಗೆ ಲಿಖಿತವಾಗಿ ಸಲ್ಲಿಸತಕ್ಕದ್ದು. ನಿಗದಿತ ಅವಧಿಯ ನಂತರ ಬಂದ ಆಕ್ಷೇಪಣೆಗಳನ್ನು ಪರಿಗಣಿಸಲಾಗುವುದಿಲ್ಲ.
ಸಹಿ/- ನಗರ ಮತ್ತು ಗ್ರಾಮಾಂತರ ಯೋಜನಾ ಜಂಟಿ ನಿರ್ದೇಶಕರು ಹಾಗೂ ಸದಸ್ಯ ಕಾರ್ಯದರ್ಶಿ, ಬಿ.ಐ.ಎ.ಪಿ.ಎ, ದೇವನಹಳ್ಳಿ
ಕಲಬುರಗಿ ಮಹಾನಗರ ಪಾಲಿಕೆ, ಕಲಬುರಗಿ
Fax No.08472/260776, Phone: 08472/278675, E-mail Id: itstaff_ulb_gulbarga@yahoo.com
ಸಂಖ್ಯೆ:ಕಮಪಾ/ಆರೋ/ಎಸ್.ಡಬ್ಲ್ಯು.ಎಮ್/Legacy Waste/2024-25 ದಿನಾಂಕ:30.01.2025
ಸಾರ್ವಜನಿಕ ಇ-ಪ್ರೊಕ್ಯೂರ್‌ಮೆಂಟ್ ಟೆಂಡರ್ ಪ್ರಕಟಣೆ
ಕರ್ನಾಟಕ ಸಾರ್ವಜನಿಕ ಸಂಗ್ರಹಣೆಗಳಲ್ಲಿ ಪಾರದರ್ಶಕತೆ ನಿಯಮಗಳು 2000ರ ಪ್ರಕಾರ ಕಲಬುರಗಿ ಮಹಾನಗರ ಪಾಲಿಕೆಯು ಅರ್ಹ ಟೆಂಡರುದಾರರಿಂದ ಟೆಂಡರ್ ಆಹ್ವಾನಿಸಿದೆ. ಕಾಮಗಾರಿ: 1) Processing and Disposal of Legacy waste at Survey No. 82 of Udanoor Village, Kalaburagi District. 2) ಇಂಡೆಂಟ್ ಸಂಖ್ಯೆ: DMA/2023-24/OW/WORK_INDENT 1405/CALL-4. 3) ಅಂದಾಜು ಮೊತ್ತ: 15,79,420/-. 4) ಟೆಂಡರ್ ಡೌನ್‌ಲೋಡ್ ಪ್ರಾರಂಭ ದಿನಾಂಕ: 15.02.2025. 5) ಟೆಂಡರ್ ಸಲ್ಲಿಸಲು ಕೊನೆಯ ದಿನಾಂಕ: 04.03.2025. 6) ತಾಂತ್ರಿಕ ಬಿಡ್ ತೆರೆಯುವ ದಿನಾಂಕ: 05.03.2025. 7) ಆರ್ಥಿಕ ಬಿಡ್ ತೆರೆಯುವ ದಿನಾಂಕ: 10.03.2025. ವೆಬ್‌ಸೈಟ್: https://kppp.karnataka.gov.in
ಸಹಿ/- ಆಯುಕ್ತರು, ಕಲಬುರಗಿ ಮಹಾನಗರ ಪಾಲಿಕೆ, ಕಲಬುರಗಿ
